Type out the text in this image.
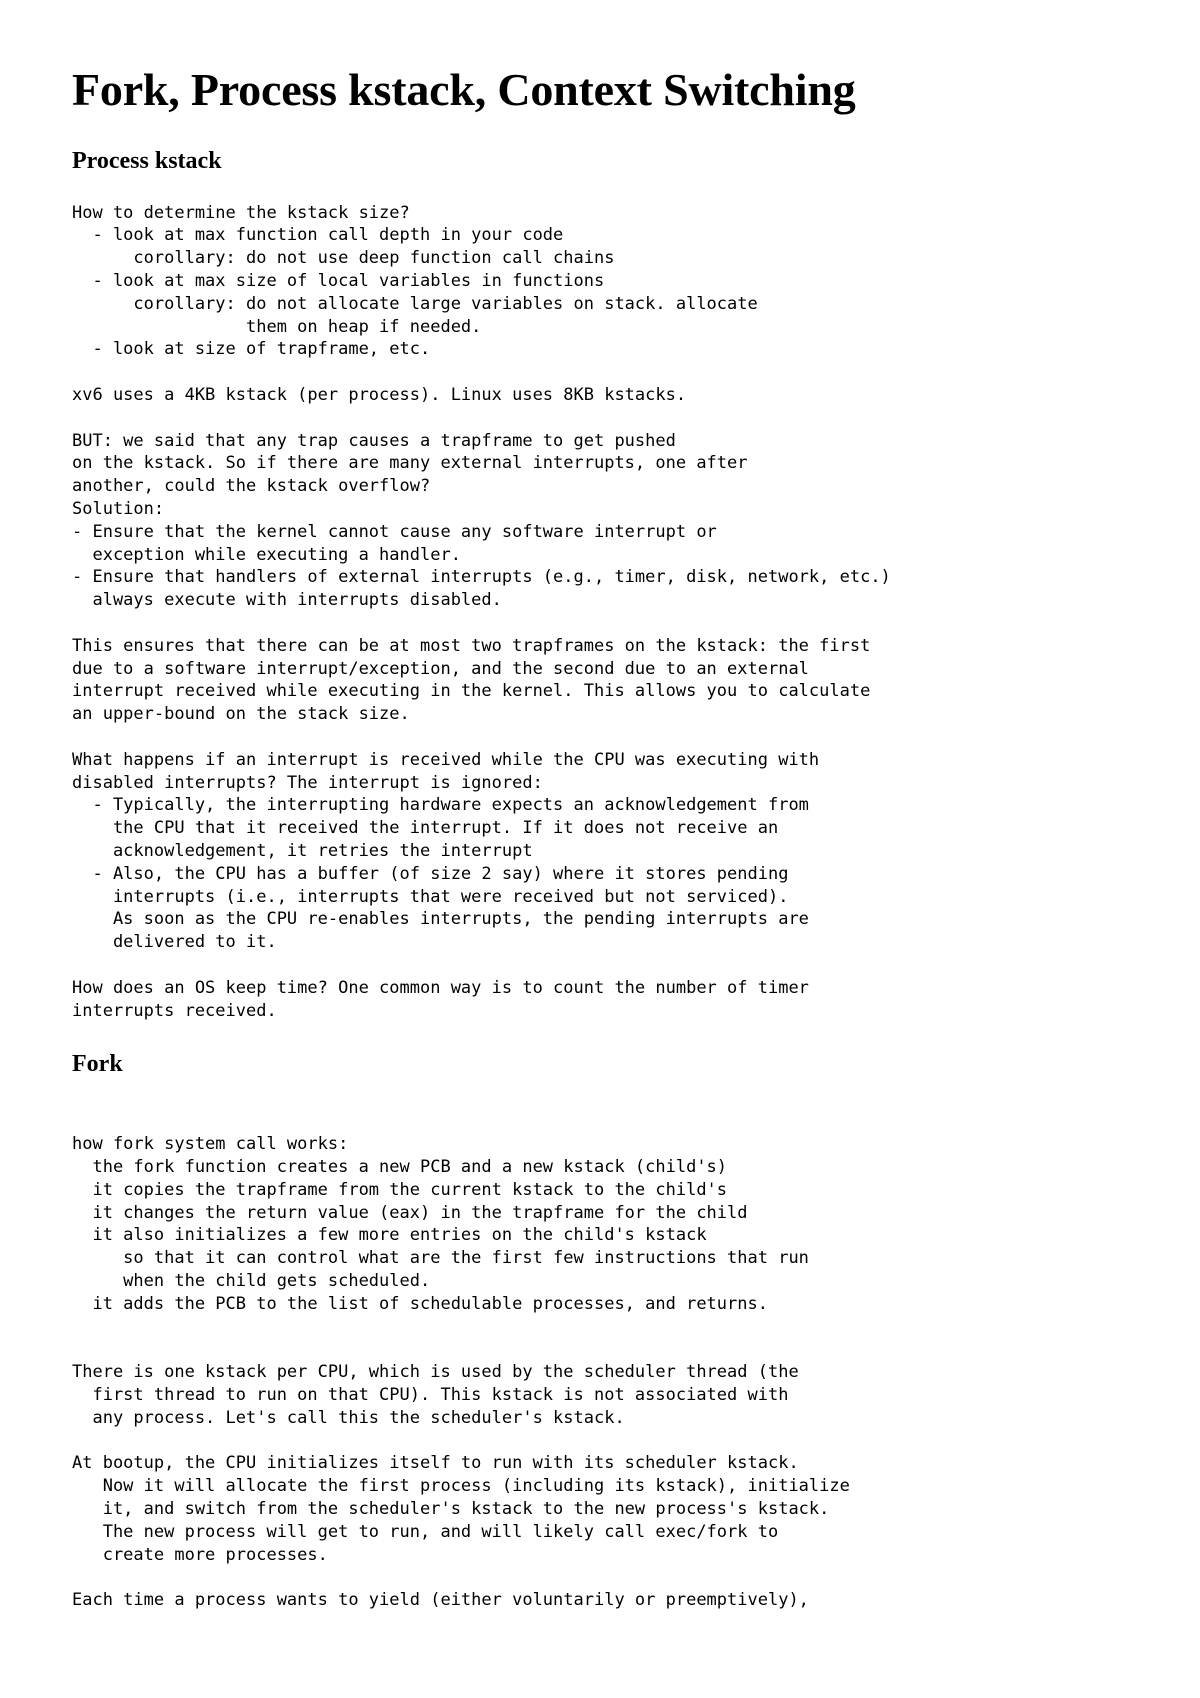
Fork, Process kstack, Context Switching
Process kstack
How to determine the kstack size?
- look at max function call depth in your code
corollary: do not use deep function call chains
- look at max size of local variables in functions
corollary: do not allocate large variables on stack. allocate
them on heap if needed.
- look at size of trapframe, etc.

xv6 uses a 4KB kstack (per process). Linux uses 8KB kstacks.

BUT: we said that any trap causes a trapframe to get pushed
on the kstack. So if there are many external interrupts, one after
another, could the kstack overflow?
Solution:
- Ensure that the kernel cannot cause any software interrupt or
exception while executing a handler.
- Ensure that handlers of external interrupts (e.g., timer, disk, network, etc.)
always execute with interrupts disabled.

This ensures that there can be at most two trapframes on the kstack: the first
due to a software interrupt/exception, and the second due to an external
interrupt received while executing in the kernel. This allows you to calculate
an upper-bound on the stack size.

What happens if an interrupt is received while the CPU was executing with
disabled interrupts? The interrupt is ignored:
- Typically, the interrupting hardware expects an acknowledgement from
the CPU that it received the interrupt. If it does not receive an
acknowledgement, it retries the interrupt
- Also, the CPU has a buffer (of size 2 say) where it stores pending
interrupts (i.e., interrupts that were received but not serviced).
As soon as the CPU re-enables interrupts, the pending interrupts are
delivered to it.

How does an OS keep time? One common way is to count the number of timer
interrupts received.
Fork
how fork system call works:
the fork function creates a new PCB and a new kstack (child's)
it copies the trapframe from the current kstack to the child's
it changes the return value (eax) in the trapframe for the child
it also initializes a few more entries on the child's kstack
so that it can control what are the first few instructions that run
when the child gets scheduled.
it adds the PCB to the list of schedulable processes, and returns.

There is one kstack per CPU, which is used by the scheduler thread (the
first thread to run on that CPU). This kstack is not associated with
any process. Let's call this the scheduler's kstack.

At bootup, the CPU initializes itself to run with its scheduler kstack.
Now it will allocate the first process (including its kstack), initialize
it, and switch from the scheduler's kstack to the new process's kstack.
The new process will get to run, and will likely call exec/fork to
create more processes.

Each time a process wants to yield (either voluntarily or preemptively),
